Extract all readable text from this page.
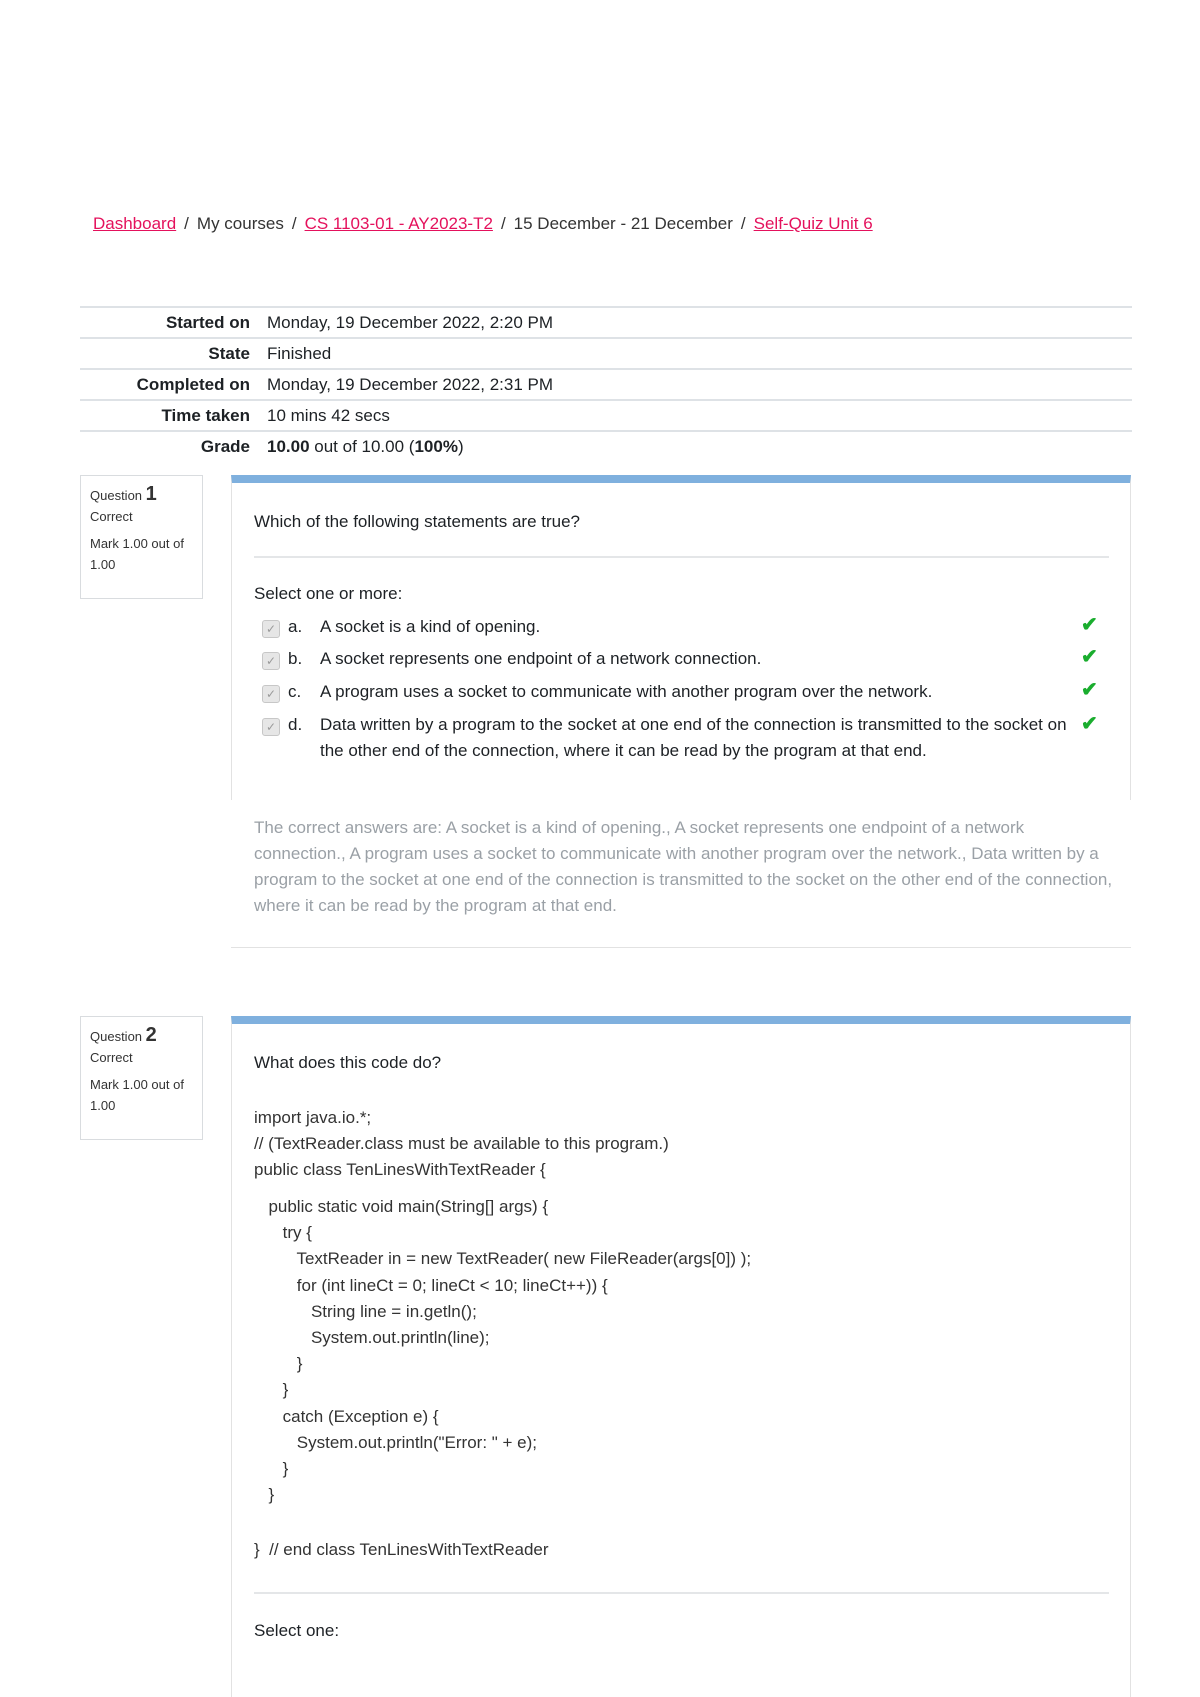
Dashboard / My courses / CS 1103-01 - AY2023-T2 / 15 December - 21 December / Self-Quiz Unit 6
Started on	Monday, 19 December 2022, 2:20 PM
State	Finished
Completed on	Monday, 19 December 2022, 2:31 PM
Time taken	10 mins 42 secs
Grade	10.00 out of 10.00 (100%)
Question 1
Correct
Mark 1.00 out of 1.00
Which of the following statements are true?
Select one or more:
✓ a.	A socket is a kind of opening.	✔
✓ b.	A socket represents one endpoint of a network connection.	✔
✓ c.	A program uses a socket to communicate with another program over the network.	✔
✓ d.	Data written by a program to the socket at one end of the connection is transmitted to the socket on the other end of the connection, where it can be read by the program at that end.
✔
The correct answers are: A socket is a kind of opening., A socket represents one endpoint of a network connection., A program uses a socket to communicate with another program over the network., Data written by a program to the socket at one end of the connection is transmitted to the socket on the other end of the connection, where it can be read by the program at that end.
Question 2
Correct
Mark 1.00 out of 1.00
What does this code do?
import java.io.*;
// (TextReader.class must be available to this program.)
public class TenLinesWithTextReader {
public static void main(String[] args) {
try {
TextReader in = new TextReader( new FileReader(args[0]) );
for (int lineCt = 0; lineCt < 10; lineCt++)) {
String line = in.getln();
System.out.println(line);
}
}
catch (Exception e) {
System.out.println("Error: " + e);
}
}
}  // end class TenLinesWithTextReader
Select one:
